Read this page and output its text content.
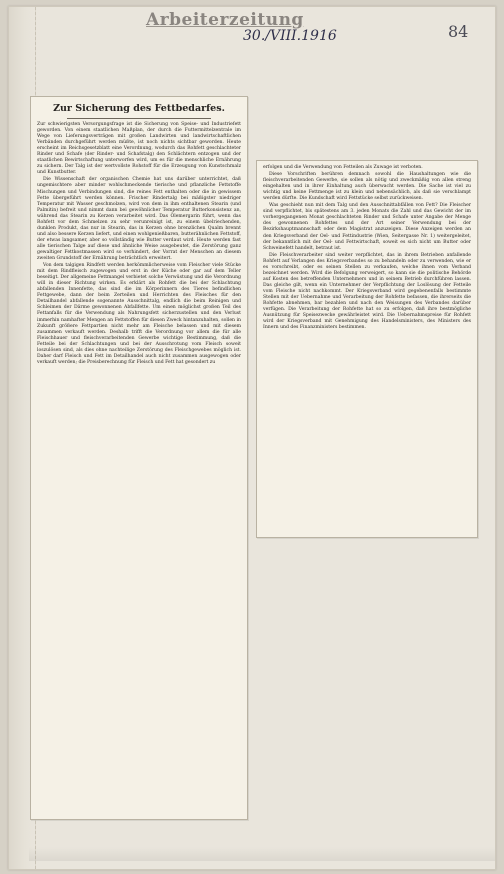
Arbeiterzeitung
30./VIII.1916	84
Zur Sicherung des Fettbedarfes.

Zur schwierigsten Versorgungsfrage ist die Sicherung von Speise- und Industriefett geworden. Von einem staatlichen Maßplan, der durch die Futtermittelzentrale im Wege von Lieferungsverträgen mit großen Landwirten und landwirtschaftlichen Verbänden durchgeführt werden müßte, ist noch nichts sichtbar geworden. Heute erscheint im Reichsgesetzblatt eine Verordnung, wodurch das Rohfett geschlachteter Rinder und Schafe (der Rinder- und Schafstalg) den Schlächtern entzogen und der staatlichen Bewirtschaftung unterworfen wird, um es für die menschliche Ernährung zu sichern. Der Talg ist der wertvollste Rohstoff für die Erzeugung von Kunstschmalz und Kunstbutter.

Die Wissenschaft der organischen Chemie hat uns darüber unterrichtet, daß ungemischtere aber minder wohlschmeckende tierische und pflanzliche Fettstoffe Mischungen und Verbindungen sind, die reines Fett enthalten oder die in gewissem Fette übergeführt werden können. Frischer Rindertalg bei mäßigster niedriger Temperatur mit Wasser geschmolzen, wird von dem in ihm enthaltenen Stearin (und Palmitin) befreit und nimmt dann bei gewöhnlicher Temperatur Butterkonsistenz an, während das Stearin zu Kerzen verarbeitet wird. Das Ölemergarin führt, wenn das Rohfett vor dem Schmelzen zu sehr verunreinigt ist, zu einem übelriechenden, dunklen Produkt, das nur in Stearin, das in Kerzen ohne brenzlichen Qualm brennt und also bessere Kerzen liefert, und einen wohlgenießbaren, butterähnlichen Fettstoff, der etwas langsamer, aber so vollständig wie Butter verdaut wird. Heute werden fast alle tierischen Talge auf diese und ähnliche Weise ausgebeutet, die Zerstörung ganz gewaltiger Fettkostmassen wird so verhindert, der Vorrat der Menschen an diesem zweiten Grundstoff der Ernährung beträchtlich erweitert.

Von dem talgigen Rindfett werden herkömmlicherweise vom Fleischer viele Stücke mit dem Rindfleisch zugewogen und erst in der Küche oder gar auf dem Teller beseitigt. Der allgemeine Fettmangel verbietet solche Verwüstung und die Verordnung will in dieser Richtung wirken. Es erklärt als Rohfett die bei der Schlachtung abfallenden Innenfette, das sind die im Körperinnern des Tieres befindlichen Fettgewebe, dann der beim Zerteilen und Herrichten des Fleisches für den Detailhandel abfallende sogenannte Ausschnittalg, endlich die beim Reinigen und Schleimen der Därme gewonnenen Abfallfette. Um einen möglichst großen Teil des Fettanfalls für die Verwendung als Nahrungsfett sicherzustellen und den Verlust immerhin namhafter Mengen an Fettstoffen für diesen Zweck hintanzuhalten, sollen in Zukunft größere Fettpartien nicht mehr am Fleische belassen und mit diesem zusammen verkauft werden. Deshalb trifft die Verordnung vor allem die für alle Fleischhauer und fleischverarbeitenden Gewerbe wichtige Bestimmung, daß die Fetteile bei der Schlachtungen und bei der Ausschrotung vom Fleisch soweit loszulösen sind, als dies ohne nachteilige Zerstörung des Fleischgewebes möglich ist. Daher darf Fleisch und Fett im Detailhandel auch nicht zusammen ausgewogen oder verkauft werden; die Preisberechnung für Fleisch und Fett hat gesondert zu

erfolgen und die Verwendung von Fetteilen als Zuwage ist verboten.

Diese Vorschriften berühren demnach sowohl die Haushaltungen wie die fleischverarbeitenden Gewerbe, sie sollen als nötig und zweckmäßig von allen streng eingehalten und in ihrer Einhaltung auch überwacht werden. Die Sache ist viel zu wichtig und keine Fettmenge ist zu klein und nebensächlich, als daß sie verschlampt werden dürfte. Die Kundschaft wird Fettstücke selbst zurückweisen.

Was geschieht nun mit dem Talg und den Ausschnittabfällen von Fett? Die Fleischer sind verpflichtet, bis spätestens am 3. jeden Monats die Zahl und das Gewicht der im vorhergegangenen Monat geschlachteten Rinder und Schafe unter Angabe der Menge des gewonnenen Rohfettes und der Art seiner Verwendung bei der Bezirkshauptmannschaft oder dem Magistrat anzuzeigen. Diese Anzeigen werden an den Kriegsverband der Oel- und Fettindustrie (Wien, Seitergasse Nr. 1) weitergeleitet, der bekanntlich mit der Oel- und Fettwirtschaft, soweit es sich nicht um Butter oder Schweinefett handelt, betraut ist.

Die Fleischverarbeiter sind weiter verpflichtet, das in ihrem Betrieben anfallende Rohfett auf Verlangen des Kriegsverbandes so zu behandeln oder zu verwenden, wie er es vorschreibt, oder es seinen Stellen zu verkaufen, welche ihnen vom Verband bezeichnet werden. Wird die Befolgung verweigert, so kann sie die politische Behörde auf Kosten des betreffenden Unternehmers und in seinem Betrieb durchführen lassen. Das gleiche gilt, wenn ein Unternehmer der Verpflichtung der Loslösung der Fetteile vom Fleische nicht nachkommt. Der Kriegsverband wird gegebenenfalls bestimmte Stellen mit der Uebernahme und Verarbeitung der Rohfette befassen, die ihrerseits die Rohfette abnehmen, bar bezahlen und nach den Weisungen des Verbandes darüber verfügen. Die Verarbeitung der Rohfette hat so zu erfolgen, daß ihre bestmögliche Ausnützung für Speisezwecke gewährleistet wird. Die Uebernahmspreise für Rohfett wird der Kriegsverband mit Genehmigung des Handelsministers, des Ministers des Innern und des Finanzministers bestimmen.
